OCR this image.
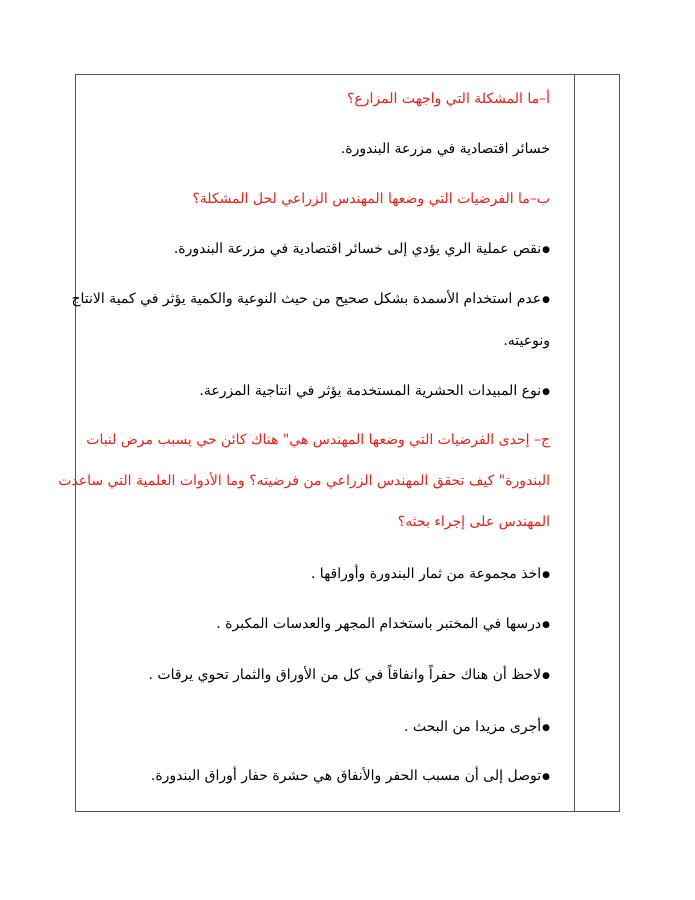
أ–ما المشكلة التي واجهت المزارع؟
خسائر اقتصادية في مزرعة البندورة.
ب–ما الفرضيات التي وضعها المهندس الزراعي لحل المشكلة؟
●نقص عملية الري يؤدي إلى خسائر اقتصادية في مزرعة البندورة.
●عدم استخدام الأسمدة بشكل صحيح من حيث النوعية والكمية يؤثر في كمية الانتاج
ونوعيته.
●نوع المبيدات الحشرية المستخدمة يؤثر في انتاجية المزرعة.
ج– إحدى الفرضيات التي وضعها المهندس هي" هناك كائن حي يسبب مرض لنبات
البندورة" كيف تحقق المهندس الزراعي من فرضيته؟ وما الأدوات العلمية التي ساعدت
المهندس على إجراء بحثه؟
●اخذ مجموعة من ثمار البندورة وأوراقها .
●درسها في المختبر باستخدام المجهر والعدسات المكبرة .
●لاحظ أن هناك حفراً وانفاقاً في كل من الأوراق والثمار تحوي يرقات .
●أجرى مزيدا من البحث .
●توصل إلى أن مسبب الحفر والأنفاق هي حشرة حفار أوراق البندورة.
